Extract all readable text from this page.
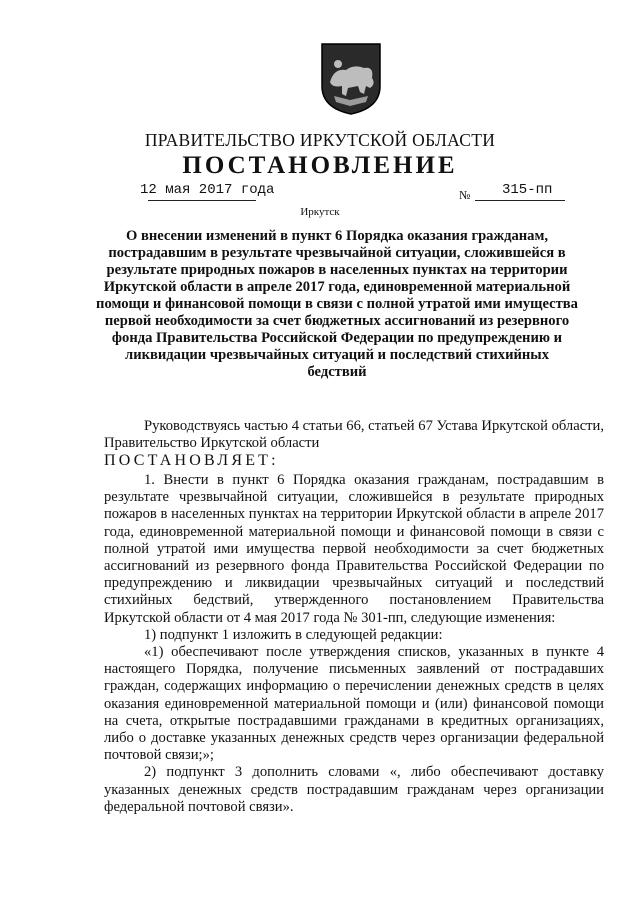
ПРАВИТЕЛЬСТВО ИРКУТСКОЙ ОБЛАСТИ
ПОСТАНОВЛЕНИЕ
12 мая 2017 года	№ 315-пп
Иркутск
О внесении изменений в пункт 6 Порядка оказания гражданам, пострадавшим в результате чрезвычайной ситуации, сложившейся в результате природных пожаров в населенных пунктах на территории Иркутской области в апреле 2017 года, единовременной материальной помощи и финансовой помощи в связи с полной утратой ими имущества первой необходимости за счет бюджетных ассигнований из резервного фонда Правительства Российской Федерации по предупреждению и ликвидации чрезвычайных ситуаций и последствий стихийных бедствий

Руководствуясь частью 4 статьи 66, статьей 67 Устава Иркутской области, Правительство Иркутской области

ПОСТАНОВЛЯЕТ:

1. Внести в пункт 6 Порядка оказания гражданам, пострадавшим в результате чрезвычайной ситуации, сложившейся в результате природных пожаров в населенных пунктах на территории Иркутской области в апреле 2017 года, единовременной материальной помощи и финансовой помощи в связи с полной утратой ими имущества первой необходимости за счет бюджетных ассигнований из резервного фонда Правительства Российской Федерации по предупреждению и ликвидации чрезвычайных ситуаций и последствий стихийных бедствий, утвержденного постановлением Правительства Иркутской области от 4 мая 2017 года № 301-пп, следующие изменения:

1) подпункт 1 изложить в следующей редакции:

«1) обеспечивают после утверждения списков, указанных в пункте 4 настоящего Порядка, получение письменных заявлений от пострадавших граждан, содержащих информацию о перечислении денежных средств в целях оказания единовременной материальной помощи и (или) финансовой помощи на счета, открытые пострадавшими гражданами в кредитных организациях, либо о доставке указанных денежных средств через организации федеральной почтовой связи;»;

2) подпункт 3 дополнить словами «, либо обеспечивают доставку указанных денежных средств пострадавшим гражданам через организации федеральной почтовой связи».
